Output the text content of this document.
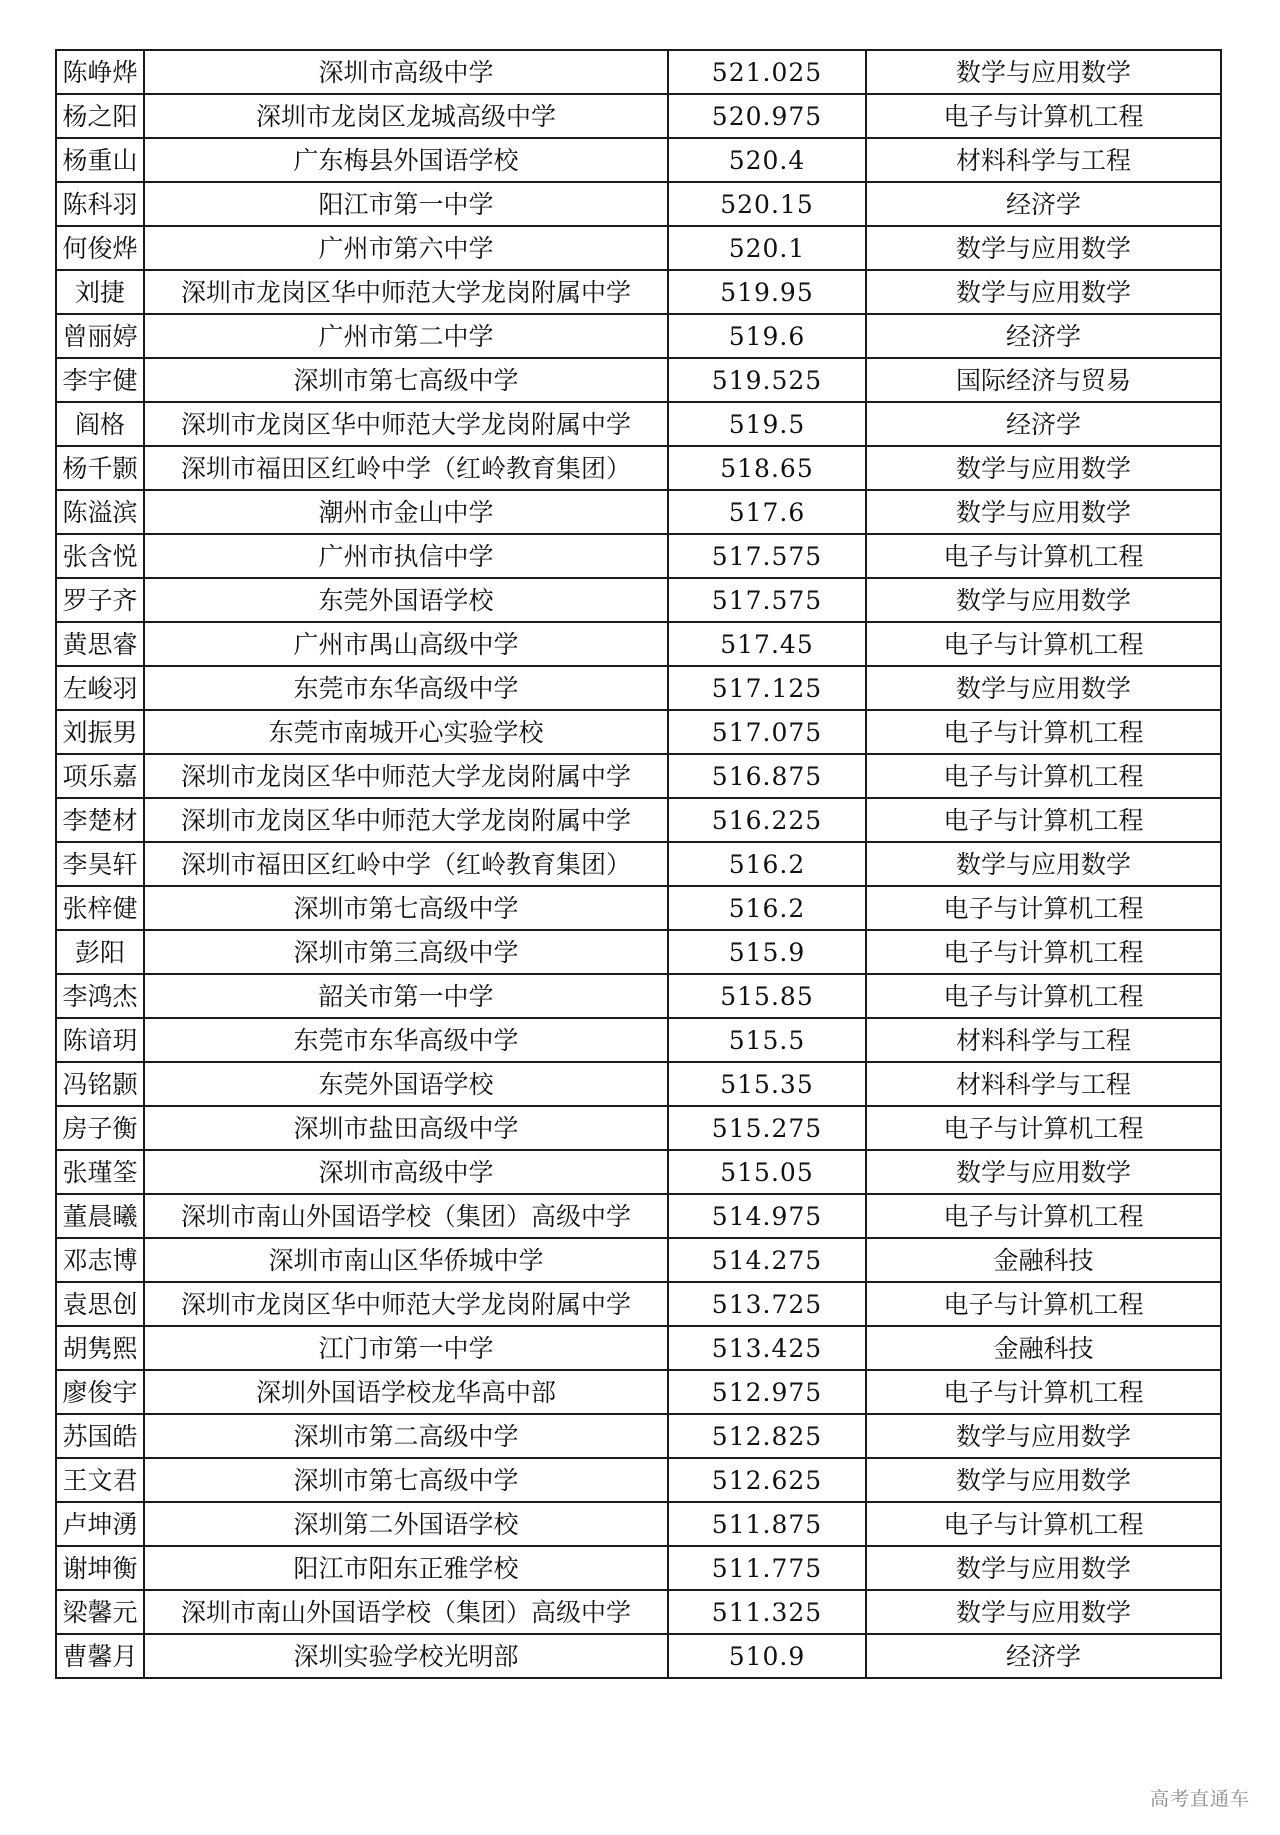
陈峥烨	深圳市高级中学	521.025	数学与应用数学
杨之阳	深圳市龙岗区龙城高级中学	520.975	电子与计算机工程
杨重山	广东梅县外国语学校	520.4	材料科学与工程
陈科羽	阳江市第一中学	520.15	经济学
何俊烨	广州市第六中学	520.1	数学与应用数学
刘捷	深圳市龙岗区华中师范大学龙岗附属中学	519.95	数学与应用数学
曾丽婷	广州市第二中学	519.6	经济学
李宇健	深圳市第七高级中学	519.525	国际经济与贸易
阎格	深圳市龙岗区华中师范大学龙岗附属中学	519.5	经济学
杨千颢	深圳市福田区红岭中学（红岭教育集团）	518.65	数学与应用数学
陈溢滨	潮州市金山中学	517.6	数学与应用数学
张含悦	广州市执信中学	517.575	电子与计算机工程
罗子齐	东莞外国语学校	517.575	数学与应用数学
黄思睿	广州市禺山高级中学	517.45	电子与计算机工程
左峻羽	东莞市东华高级中学	517.125	数学与应用数学
刘振男	东莞市南城开心实验学校	517.075	电子与计算机工程
项乐嘉	深圳市龙岗区华中师范大学龙岗附属中学	516.875	电子与计算机工程
李楚材	深圳市龙岗区华中师范大学龙岗附属中学	516.225	电子与计算机工程
李昊轩	深圳市福田区红岭中学（红岭教育集团）	516.2	数学与应用数学
张梓健	深圳市第七高级中学	516.2	电子与计算机工程
彭阳	深圳市第三高级中学	515.9	电子与计算机工程
李鸿杰	韶关市第一中学	515.85	电子与计算机工程
陈谙玥	东莞市东华高级中学	515.5	材料科学与工程
冯铭颢	东莞外国语学校	515.35	材料科学与工程
房子衡	深圳市盐田高级中学	515.275	电子与计算机工程
张瑾筌	深圳市高级中学	515.05	数学与应用数学
董晨曦	深圳市南山外国语学校（集团）高级中学	514.975	电子与计算机工程
邓志博	深圳市南山区华侨城中学	514.275	金融科技
袁思创	深圳市龙岗区华中师范大学龙岗附属中学	513.725	电子与计算机工程
胡隽熙	江门市第一中学	513.425	金融科技
廖俊宇	深圳外国语学校龙华高中部	512.975	电子与计算机工程
苏国皓	深圳市第二高级中学	512.825	数学与应用数学
王文君	深圳市第七高级中学	512.625	数学与应用数学
卢坤湧	深圳第二外国语学校	511.875	电子与计算机工程
谢坤衡	阳江市阳东正雅学校	511.775	数学与应用数学
梁馨元	深圳市南山外国语学校（集团）高级中学	511.325	数学与应用数学
曹馨月	深圳实验学校光明部	510.9	经济学
高考直通车
